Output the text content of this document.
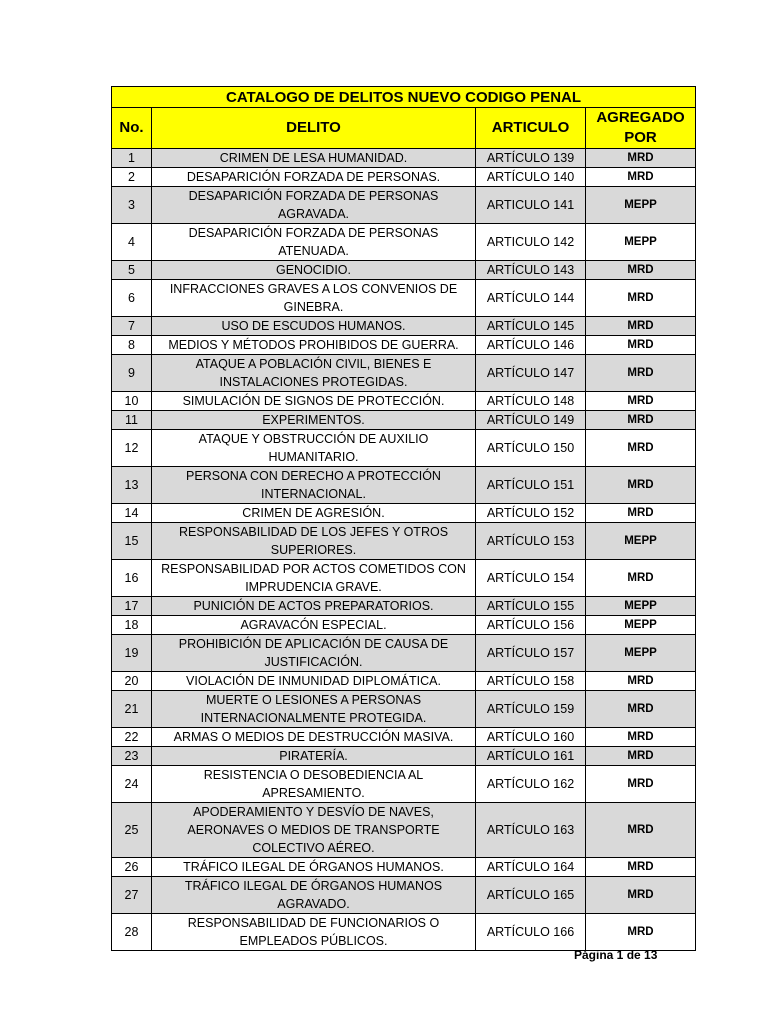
CATALOGO DE DELITOS NUEVO CODIGO PENAL			
No.	DELITO	ARTICULO	AGREGADO POR
1	CRIMEN DE LESA HUMANIDAD.	ARTÍCULO 139	MRD
2	DESAPARICIÓN FORZADA DE PERSONAS.	ARTÍCULO 140	MRD
3	DESAPARICIÓN FORZADA DE PERSONAS AGRAVADA.	ARTICULO 141	MEPP
4	DESAPARICIÓN FORZADA DE PERSONAS ATENUADA.	ARTICULO 142	MEPP
5	GENOCIDIO.	ARTÍCULO 143	MRD
6	INFRACCIONES GRAVES A LOS CONVENIOS DE GINEBRA.	ARTÍCULO 144	MRD
7	USO DE ESCUDOS HUMANOS.	ARTÍCULO 145	MRD
8	MEDIOS Y MÉTODOS PROHIBIDOS DE GUERRA.	ARTÍCULO 146	MRD
9	ATAQUE A POBLACIÓN CIVIL, BIENES E INSTALACIONES PROTEGIDAS.	ARTÍCULO 147	MRD
10	SIMULACIÓN DE SIGNOS DE PROTECCIÓN.	ARTÍCULO 148	MRD
11	EXPERIMENTOS.	ARTÍCULO 149	MRD
12	ATAQUE Y OBSTRUCCIÓN DE AUXILIO HUMANITARIO.	ARTÍCULO 150	MRD
13	PERSONA CON DERECHO A PROTECCIÓN INTERNACIONAL.	ARTÍCULO 151	MRD
14	CRIMEN DE AGRESIÓN.	ARTÍCULO 152	MRD
15	RESPONSABILIDAD DE LOS JEFES Y OTROS SUPERIORES.	ARTÍCULO 153	MEPP
16	RESPONSABILIDAD POR ACTOS COMETIDOS CON IMPRUDENCIA GRAVE.	ARTÍCULO 154	MRD
17	PUNICIÓN DE ACTOS PREPARATORIOS.	ARTÍCULO 155	MEPP
18	AGRAVACÓN ESPECIAL.	ARTÍCULO 156	MEPP
19	PROHIBICIÓN DE APLICACIÓN DE CAUSA DE JUSTIFICACIÓN.	ARTÍCULO 157	MEPP
20	VIOLACIÓN DE INMUNIDAD DIPLOMÁTICA.	ARTÍCULO 158	MRD
21	MUERTE O LESIONES A PERSONAS INTERNACIONALMENTE PROTEGIDA.	ARTÍCULO 159	MRD
22	ARMAS O MEDIOS DE DESTRUCCIÓN MASIVA.	ARTÍCULO 160	MRD
23	PIRATERÍA.	ARTÍCULO 161	MRD
24	RESISTENCIA O DESOBEDIENCIA AL APRESAMIENTO.	ARTÍCULO 162	MRD
25	APODERAMIENTO Y DESVÍO DE NAVES, AERONAVES O MEDIOS DE TRANSPORTE COLECTIVO AÉREO.	ARTÍCULO 163	MRD
26	TRÁFICO ILEGAL DE ÓRGANOS HUMANOS.	ARTÍCULO 164	MRD
27	TRÁFICO ILEGAL DE ÓRGANOS HUMANOS AGRAVADO.	ARTÍCULO 165	MRD
28	RESPONSABILIDAD DE FUNCIONARIOS O EMPLEADOS PÚBLICOS.	ARTÍCULO 166	MRD
Página 1 de 13
